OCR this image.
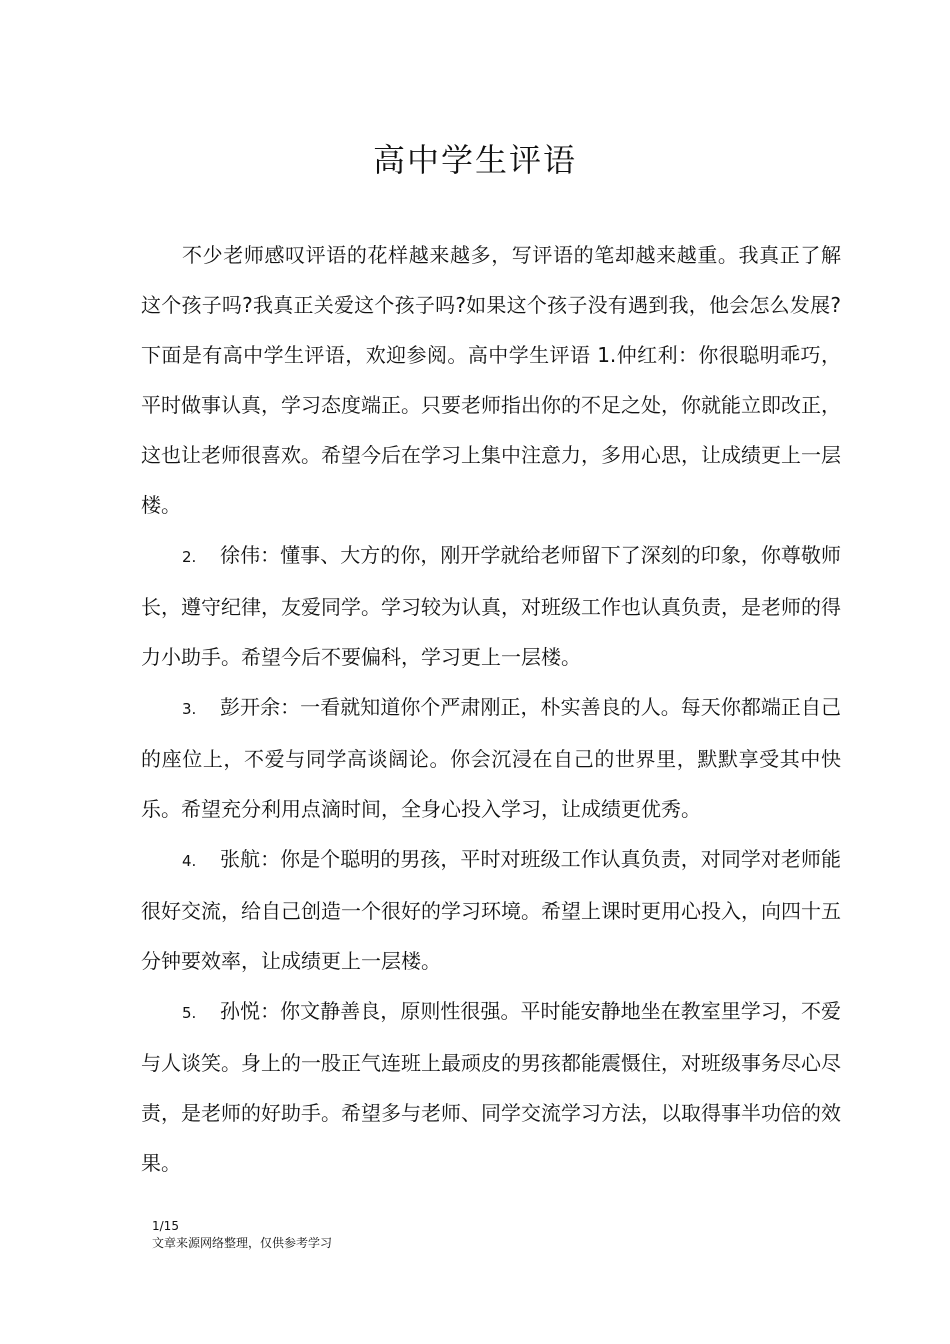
高中学生评语

不少老师感叹评语的花样越来越多，写评语的笔却越来越重。我真正了解这个孩子吗?我真正关爱这个孩子吗?如果这个孩子没有遇到我，他会怎么发展?下面是有高中学生评语，欢迎参阅。高中学生评语 1.仲红利：你很聪明乖巧，平时做事认真，学习态度端正。只要老师指出你的不足之处，你就能立即改正，这也让老师很喜欢。希望今后在学习上集中注意力，多用心思，让成绩更上一层楼。

2. 徐伟：懂事、大方的你，刚开学就给老师留下了深刻的印象，你尊敬师长，遵守纪律，友爱同学。学习较为认真，对班级工作也认真负责，是老师的得力小助手。希望今后不要偏科，学习更上一层楼。

3. 彭开余：一看就知道你个严肃刚正，朴实善良的人。每天你都端正自己的座位上，不爱与同学高谈阔论。你会沉浸在自己的世界里，默默享受其中快乐。希望充分利用点滴时间，全身心投入学习，让成绩更优秀。

4. 张航：你是个聪明的男孩，平时对班级工作认真负责，对同学对老师能很好交流，给自己创造一个很好的学习环境。希望上课时更用心投入，向四十五分钟要效率，让成绩更上一层楼。

5. 孙悦：你文静善良，原则性很强。平时能安静地坐在教室里学习，不爱与人谈笑。身上的一股正气连班上最顽皮的男孩都能震慑住，对班级事务尽心尽责，是老师的好助手。希望多与老师、同学交流学习方法，以取得事半功倍的效果。

1/15
文章来源网络整理，仅供参考学习
